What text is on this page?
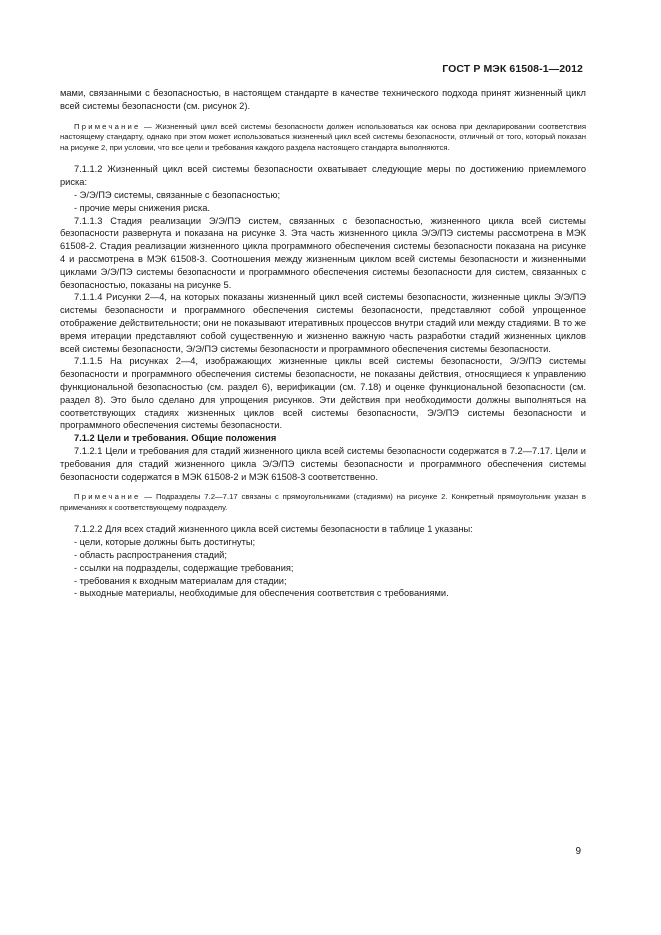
ГОСТ Р МЭК 61508-1—2012

мами, связанными с безопасностью, в настоящем стандарте в качестве технического подхода принят жизненный цикл всей системы безопасности (см. рисунок 2).

Примечание — Жизненный цикл всей системы безопасности должен использоваться как основа при декларировании соответствия настоящему стандарту, однако при этом может использоваться жизненный цикл всей системы безопасности, отличный от того, который показан на рисунке 2, при условии, что все цели и требования каждого раздела настоящего стандарта выполняются.

7.1.1.2 Жизненный цикл всей системы безопасности охватывает следующие меры по достижению приемлемого риска:

- Э/Э/ПЭ системы, связанные с безопасностью;
- прочие меры снижения риска.

7.1.1.3 Стадия реализации Э/Э/ПЭ систем, связанных с безопасностью, жизненного цикла всей системы безопасности развернута и показана на рисунке 3. Эта часть жизненного цикла Э/Э/ПЭ системы рассмотрена в МЭК 61508-2. Стадия реализации жизненного цикла программного обеспечения системы безопасности показана на рисунке 4 и рассмотрена в МЭК 61508-3. Соотношения между жизненным циклом всей системы безопасности и жизненными циклами Э/Э/ПЭ системы безопасности и программного обеспечения системы безопасности для систем, связанных с безопасностью, показаны на рисунке 5.

7.1.1.4 Рисунки 2—4, на которых показаны жизненный цикл всей системы безопасности, жизненные циклы Э/Э/ПЭ системы безопасности и программного обеспечения системы безопасности, представляют собой упрощенное отображение действительности; они не показывают итеративных процессов внутри стадий или между стадиями. В то же время итерации представляют собой существенную и жизненно важную часть разработки стадий жизненных циклов всей системы безопасности, Э/Э/ПЭ системы безопасности и программного обеспечения системы безопасности.

7.1.1.5 На рисунках 2—4, изображающих жизненные циклы всей системы безопасности, Э/Э/ПЭ системы безопасности и программного обеспечения системы безопасности, не показаны действия, относящиеся к управлению функциональной безопасностью (см. раздел 6), верификации (см. 7.18) и оценке функциональной безопасности (см. раздел 8). Это было сделано для упрощения рисунков. Эти действия при необходимости должны выполняться на соответствующих стадиях жизненных циклов всей системы безопасности, Э/Э/ПЭ системы безопасности и программного обеспечения системы безопасности.

7.1.2 Цели и требования. Общие положения

7.1.2.1 Цели и требования для стадий жизненного цикла всей системы безопасности содержатся в 7.2—7.17. Цели и требования для стадий жизненного цикла Э/Э/ПЭ системы безопасности и программного обеспечения системы безопасности содержатся в МЭК 61508-2 и МЭК 61508-3 соответственно.

Примечание — Подразделы 7.2—7.17 связаны с прямоугольниками (стадиями) на рисунке 2. Конкретный прямоугольник указан в примечаниях к соответствующему подразделу.

7.1.2.2 Для всех стадий жизненного цикла всей системы безопасности в таблице 1 указаны:

- цели, которые должны быть достигнуты;
- область распространения стадий;
- ссылки на подразделы, содержащие требования;
- требования к входным материалам для стадии;
- выходные материалы, необходимые для обеспечения соответствия с требованиями.
9
